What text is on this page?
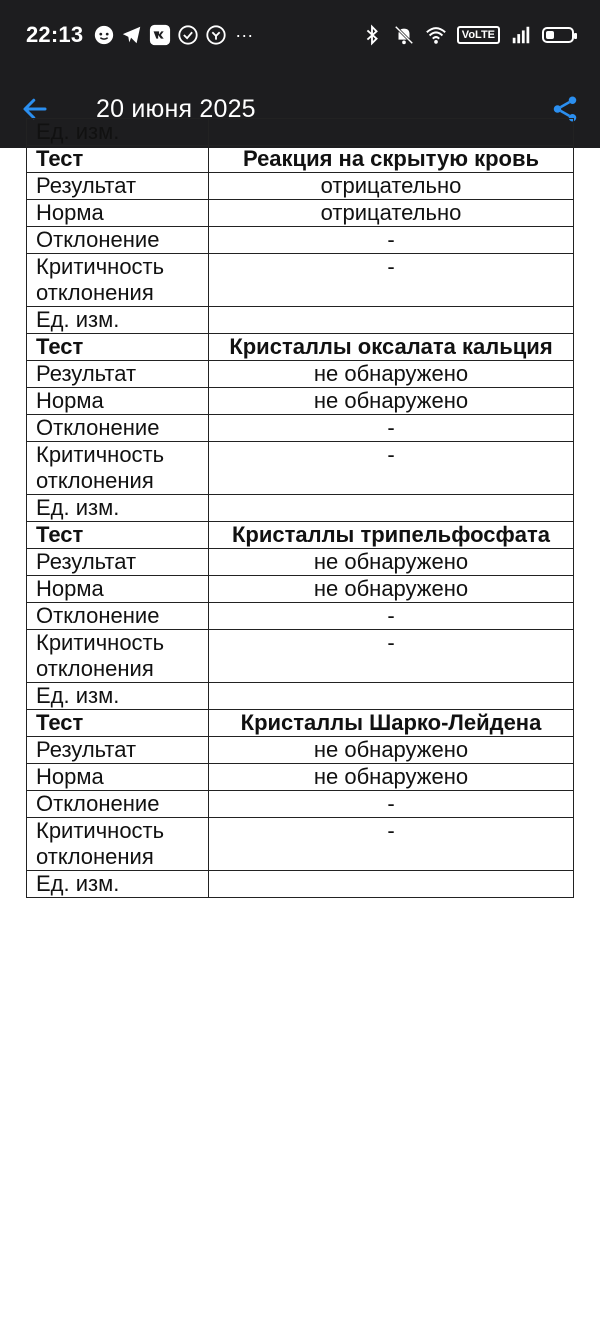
22:13	···	VoLTE
20 июня 2025
Ед. изм.	
Тест	Реакция на скрытую кровь
Результат	отрицательно
Норма	отрицательно
Отклонение	-
Критичность отклонения	-
Ед. изм.	
Тест	Кристаллы оксалата кальция
Результат	не обнаружено
Норма	не обнаружено
Отклонение	-
Критичность отклонения	-
Ед. изм.	
Тест	Кристаллы трипельфосфата
Результат	не обнаружено
Норма	не обнаружено
Отклонение	-
Критичность отклонения	-
Ед. изм.	
Тест	Кристаллы Шарко-Лейдена
Результат	не обнаружено
Норма	не обнаружено
Отклонение	-
Критичность отклонения	-
Ед. изм.	
